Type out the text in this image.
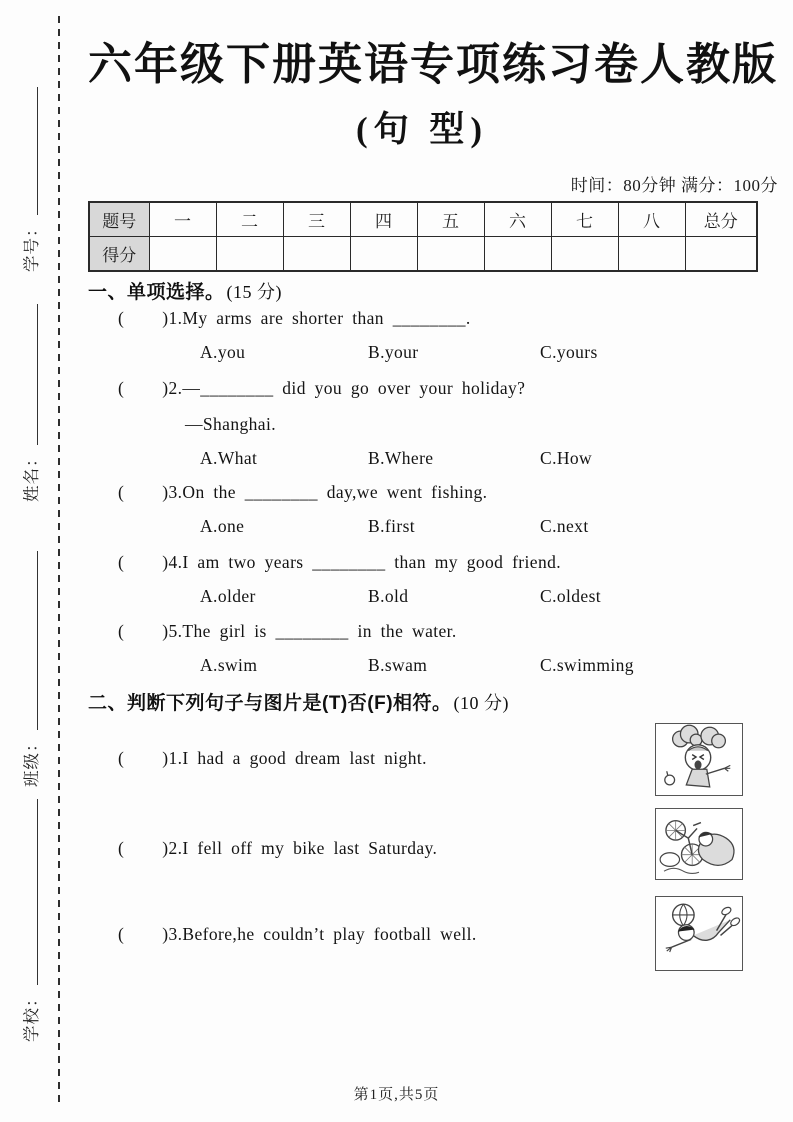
学号：
姓名：
班级：
学校：
六年级下册英语专项练习卷人教版
(句 型)
时间：80分钟 满分：100分
题号	一	二	三	四	五	六	七	八	总分
得分									
一、单项选择。 (15 分)
( )1.My arms are shorter than ________.
A.you	B.your	C.yours
( )2.—________ did you go over your holiday?
—Shanghai.
A.What	B.Where	C.How
( )3.On the ________ day,we went fishing.
A.one	B.first	C.next
( )4.I am two years ________ than my good friend.
A.older	B.old	C.oldest
( )5.The girl is ________ in the water.
A.swim	B.swam	C.swimming
二、判断下列句子与图片是(T)否(F)相符。 (10 分)
( )1.I had a good dream last night.
( )2.I fell off my bike last Saturday.
( )3.Before,he couldn’t play football well.
第1页,共5页
